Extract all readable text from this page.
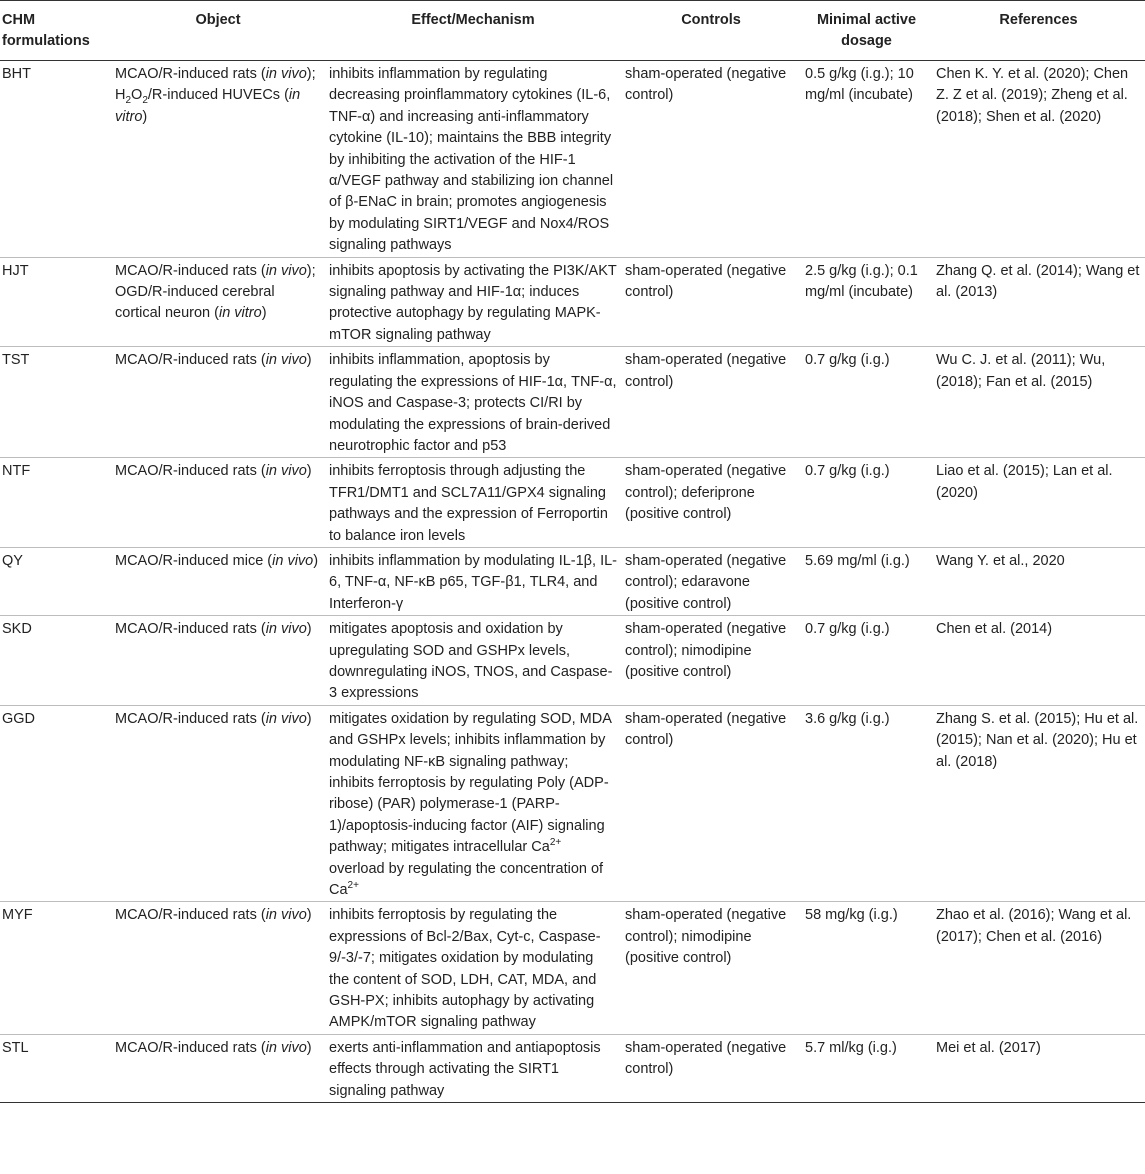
CHM formulations	Object	Effect/Mechanism	Controls	Minimal active dosage	References
BHT	MCAO/R-induced rats (in vivo); $H_2O_2/R$-induced HUVECs (in vitro)	inhibits inflammation by regulating decreasing proinflammatory cytokines (IL-6, TNF-α) and increasing anti-inflammatory cytokine (IL-10); maintains the BBB integrity by inhibiting the activation of the HIF-1 α/VEGF pathway and stabilizing ion channel of β-ENaC in brain; promotes angiogenesis by modulating SIRT1/VEGF and Nox4/ROS signaling pathways	sham-operated (negative control)	0.5 g/kg (i.g.); 10 mg/ml (incubate)	Chen K. Y. et al. (2020); Chen Z. Z et al. (2019); Zheng et al. (2018); Shen et al. (2020)
HJT	MCAO/R-induced rats (in vivo); OGD/R-induced cerebral cortical neuron (in vitro)	inhibits apoptosis by activating the PI3K/AKT signaling pathway and HIF-1α; induces protective autophagy by regulating MAPK-mTOR signaling pathway	sham-operated (negative control)	2.5 g/kg (i.g.); 0.1 mg/ml (incubate)	Zhang Q. et al. (2014); Wang et al. (2013)
TST	MCAO/R-induced rats (in vivo)	inhibits inflammation, apoptosis by regulating the expressions of HIF-1α, TNF-α, iNOS and Caspase-3; protects CI/RI by modulating the expressions of brain-derived neurotrophic factor and p53	sham-operated (negative control)	0.7 g/kg (i.g.)	Wu C. J. et al. (2011); Wu, (2018); Fan et al. (2015)
NTF	MCAO/R-induced rats (in vivo)	inhibits ferroptosis through adjusting the TFR1/DMT1 and SCL7A11/GPX4 signaling pathways and the expression of Ferroportin to balance iron levels	sham-operated (negative control); deferiprone (positive control)	0.7 g/kg (i.g.)	Liao et al. (2015); Lan et al. (2020)
QY	MCAO/R-induced mice (in vivo)	inhibits inflammation by modulating IL-1β, IL-6, TNF-α, NF-κB p65, TGF-β1, TLR4, and Interferon-γ	sham-operated (negative control); edaravone (positive control)	5.69 mg/ml (i.g.)	Wang Y. et al., 2020
SKD	MCAO/R-induced rats (in vivo)	mitigates apoptosis and oxidation by upregulating SOD and GSHPx levels, downregulating iNOS, TNOS, and Caspase-3 expressions	sham-operated (negative control); nimodipine (positive control)	0.7 g/kg (i.g.)	Chen et al. (2014)
GGD	MCAO/R-induced rats (in vivo)	mitigates oxidation by regulating SOD, MDA and GSHPx levels; inhibits inflammation by modulating NF-κB signaling pathway; inhibits ferroptosis by regulating Poly (ADP-ribose) (PAR) polymerase-1 (PARP-1)/apoptosis-inducing factor (AIF) signaling pathway; mitigates intracellular $Ca^{2+}$ overload by regulating the concentration of $Ca^{2+}$	sham-operated (negative control)	3.6 g/kg (i.g.)	Zhang S. et al. (2015); Hu et al. (2015); Nan et al. (2020); Hu et al. (2018)
MYF	MCAO/R-induced rats (in vivo)	inhibits ferroptosis by regulating the expressions of Bcl-2/Bax, Cyt-c, Caspase-9/-3/-7; mitigates oxidation by modulating the content of SOD, LDH, CAT, MDA, and GSH-PX; inhibits autophagy by activating AMPK/mTOR signaling pathway	sham-operated (negative control); nimodipine (positive control)	58 mg/kg (i.g.)	Zhao et al. (2016); Wang et al. (2017); Chen et al. (2016)
STL	MCAO/R-induced rats (in vivo)	exerts anti-inflammation and antiapoptosis effects through activating the SIRT1 signaling pathway	sham-operated (negative control)	5.7 ml/kg (i.g.)	Mei et al. (2017)
